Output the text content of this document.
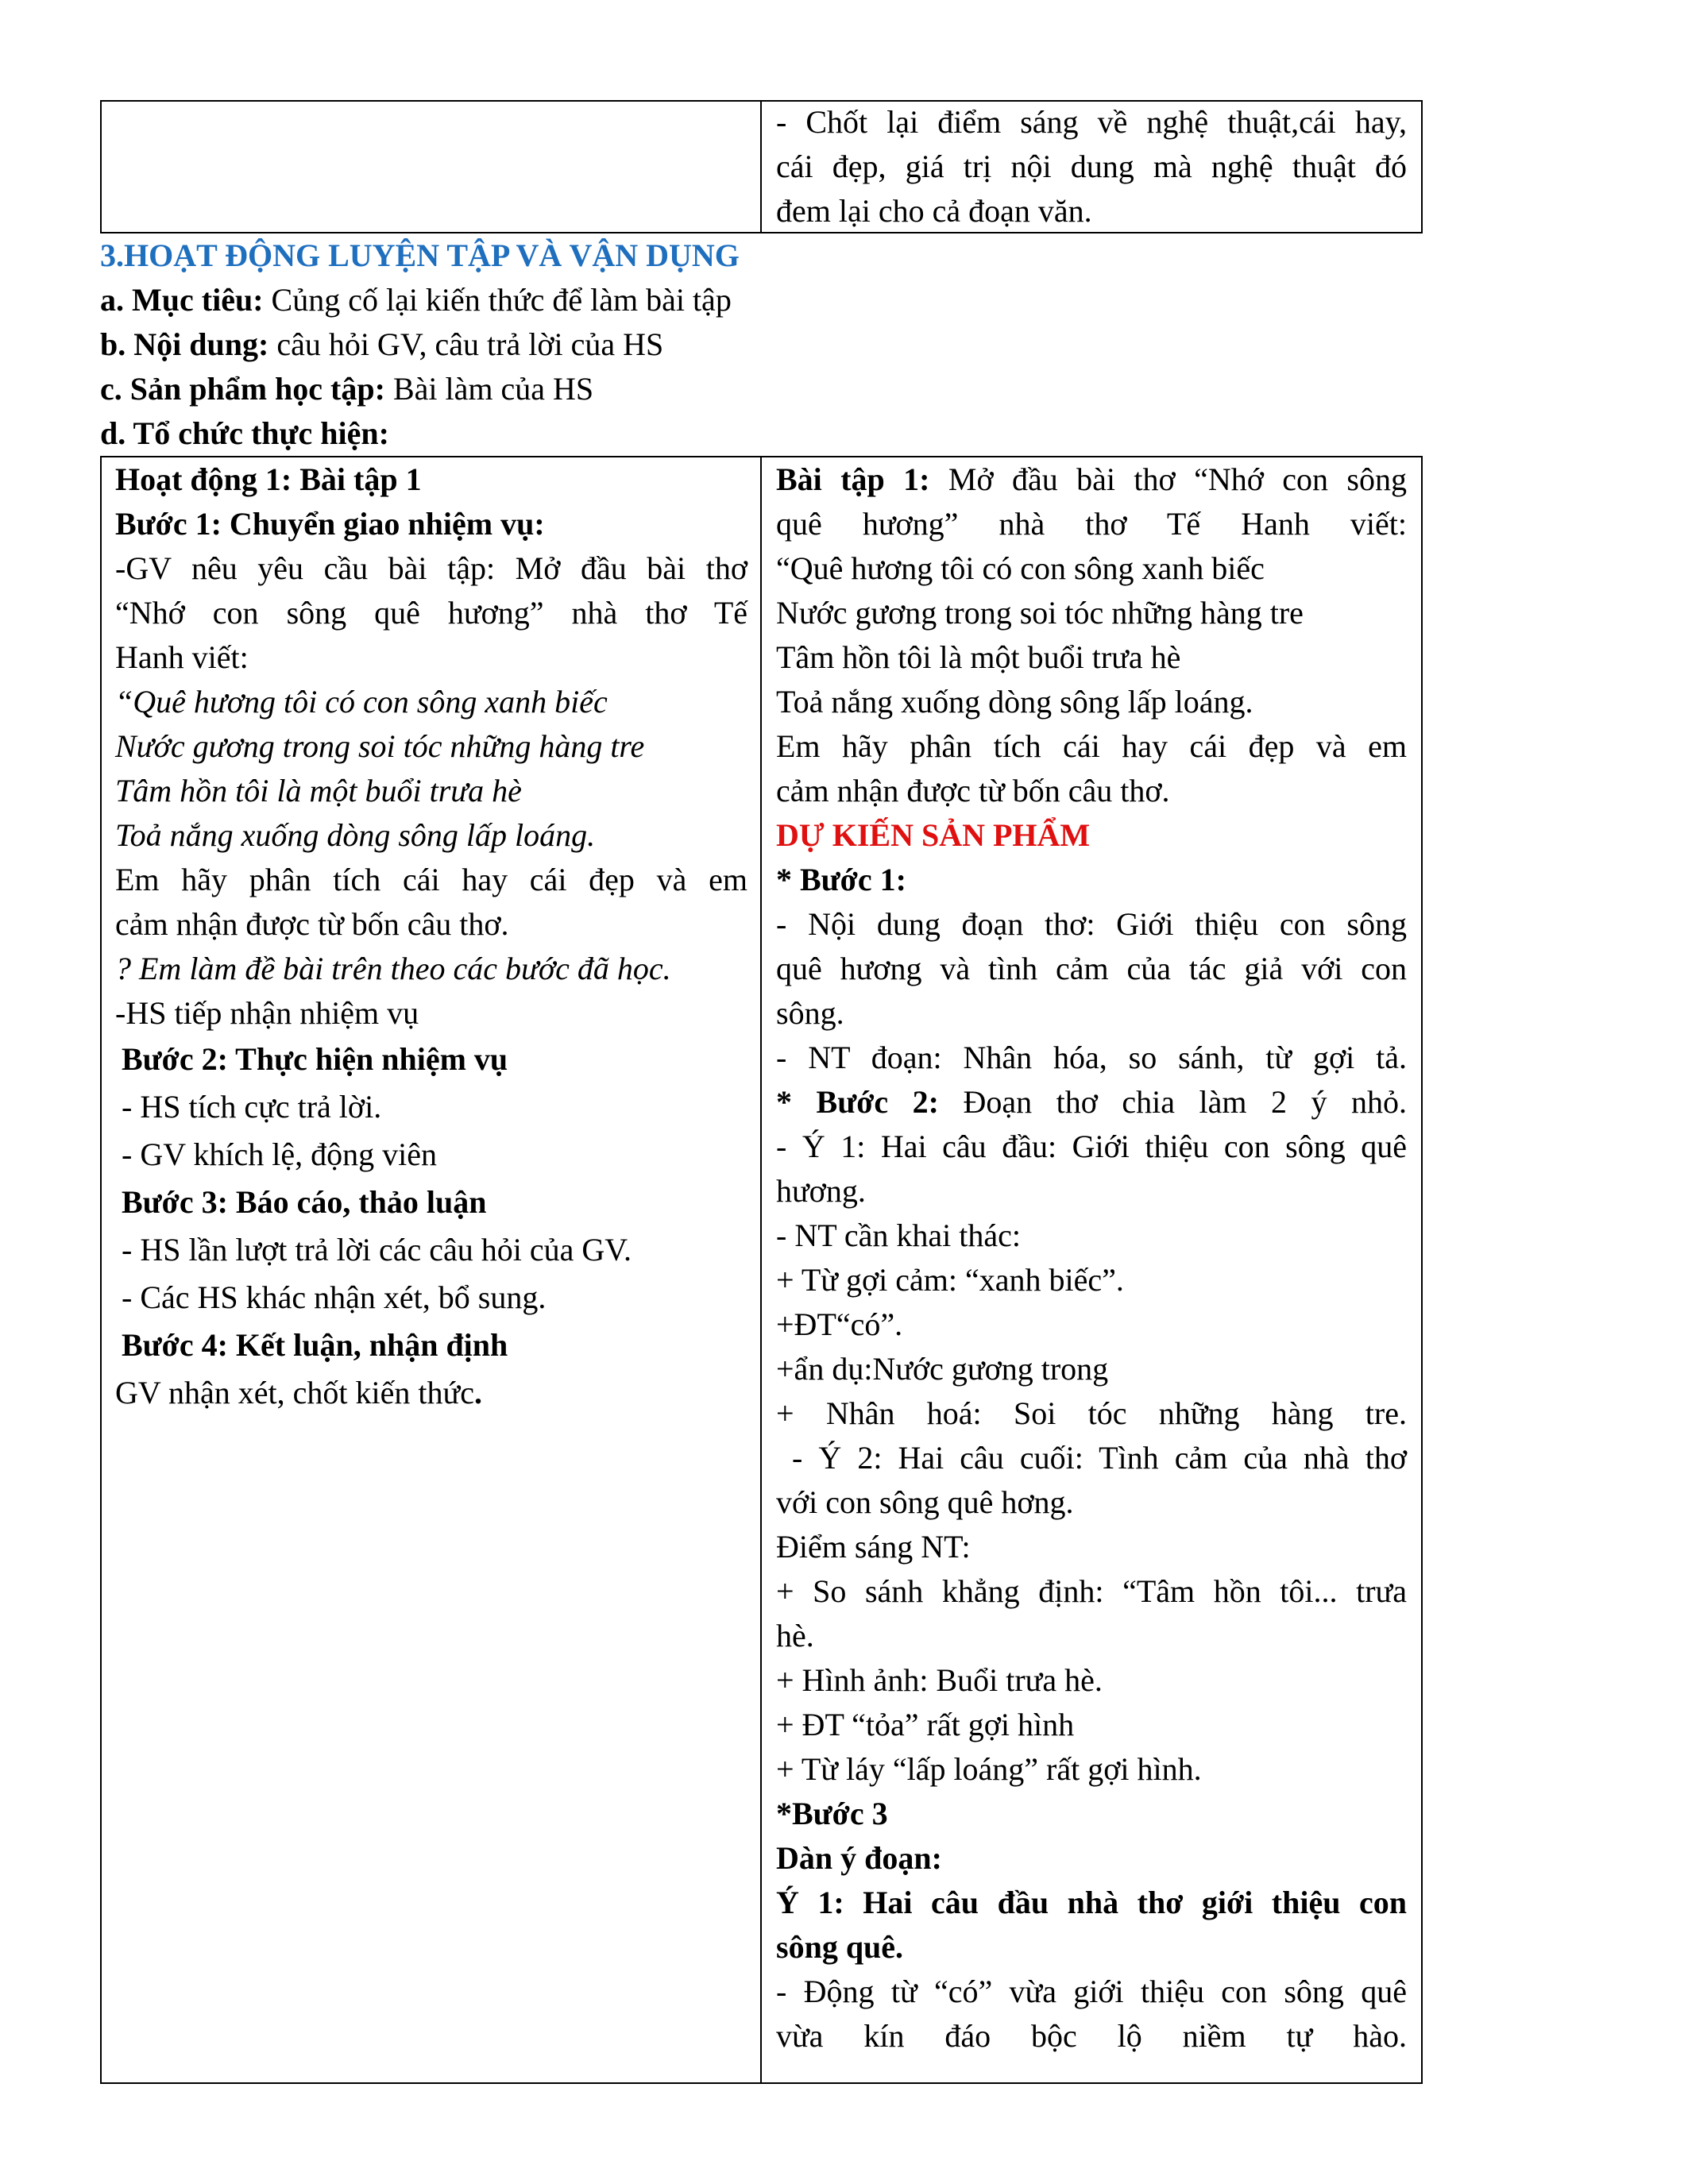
- Chốt lại điểm sáng về nghệ thuật,cái hay,

cái đẹp, giá trị nội dung mà nghệ thuật đó

đem lại cho cả đoạn văn.

3.HOẠT ĐỘNG LUYỆN TẬP VÀ VẬN DỤNG
a. Mục tiêu: Củng cố lại kiến thức để làm bài tập
b. Nội dung: câu hỏi GV, câu trả lời của HS
c. Sản phẩm học tập: Bài làm của HS
d. Tổ chức thực hiện:

Hoạt động 1: Bài tập 1

Bước 1: Chuyển giao nhiệm vụ:

-GV nêu yêu cầu bài tập: Mở đầu bài thơ

“Nhớ con sông quê hương” nhà thơ Tế

Hanh viết:

“Quê hương tôi có con sông xanh biếc

Nước gương trong soi tóc những hàng tre

Tâm hồn tôi là một buổi trưa hè

Toả nắng xuống dòng sông lấp loáng.

Em hãy phân tích cái hay cái đẹp và em

cảm nhận được từ bốn câu thơ.

? Em làm đề bài trên theo các bước đã học.

-HS tiếp nhận nhiệm vụ

Bước 2: Thực hiện nhiệm vụ

- HS tích cực trả lời.

- GV khích lệ, động viên

Bước 3: Báo cáo, thảo luận

- HS lần lượt trả lời các câu hỏi của GV.

- Các HS khác nhận xét, bổ sung.

Bước 4: Kết luận, nhận định

GV nhận xét, chốt kiến thức.

Bài tập 1: Mở đầu bài thơ “Nhớ con sông

quê hương” nhà thơ Tế Hanh viết:

“Quê hương tôi có con sông xanh biếc

Nước gương trong soi tóc những hàng tre

Tâm hồn tôi là một buổi trưa hè

Toả nắng xuống dòng sông lấp loáng.

Em hãy phân tích cái hay cái đẹp và em

cảm nhận được từ bốn câu thơ.

DỰ KIẾN SẢN PHẨM

* Bước 1:

- Nội dung đoạn thơ: Giới thiệu con sông

quê hương và tình cảm của tác giả với con

sông.

- NT đoạn: Nhân hóa, so sánh, từ gợi tả.

* Bước 2: Đoạn thơ chia làm 2 ý nhỏ.

- Ý 1: Hai câu đầu: Giới thiệu con sông quê

hương.

- NT cần khai thác:

+ Từ gợi cảm: “xanh biếc”.

+ĐT“có”.

+ẩn dụ:Nước gương trong

+ Nhân hoá: Soi tóc những hàng tre.

- Ý 2: Hai câu cuối: Tình cảm của nhà thơ

với con sông quê hơng.

Điểm sáng NT:

+ So sánh khẳng định: “Tâm hồn tôi... trưa

hè.

+ Hình ảnh: Buổi trưa hè.

+ ĐT “tỏa” rất gợi hình

+ Từ láy “lấp loáng” rất gợi hình.

*Bước 3

Dàn ý đoạn:

Ý 1: Hai câu đầu nhà thơ giới thiệu con

sông quê.

- Động từ “có” vừa giới thiệu con sông quê

vừa kín đáo bộc lộ niềm tự hào.
